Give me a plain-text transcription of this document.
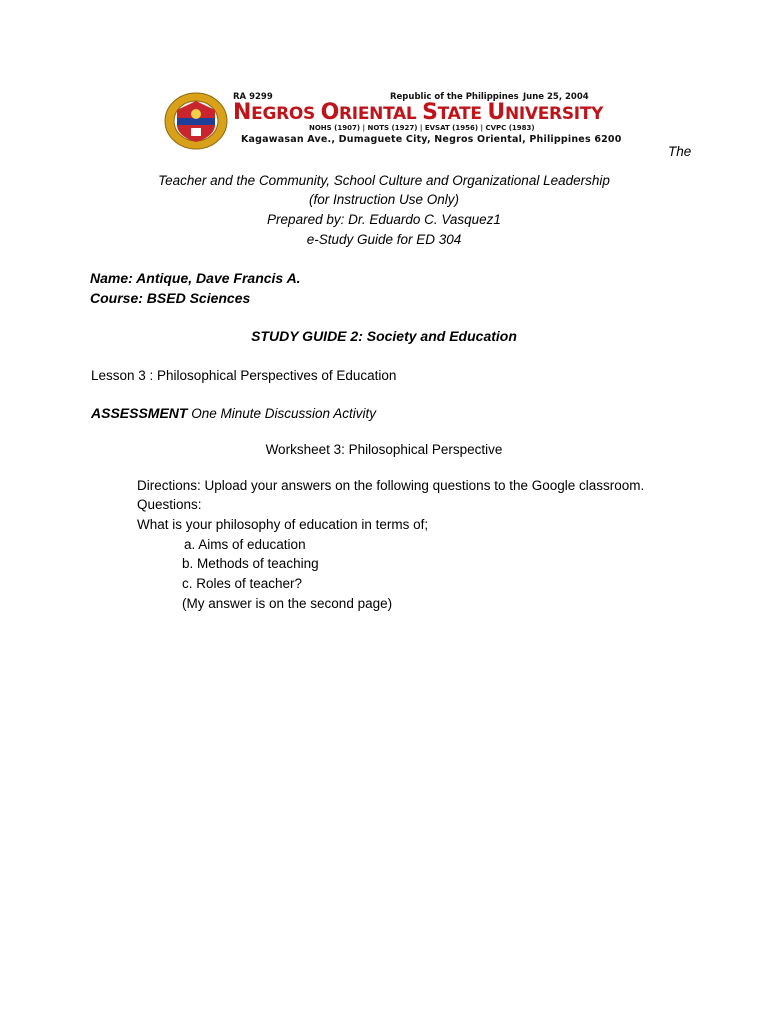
RA 9299	Republic of the Philippines June 25, 2004
NEGROS ORIENTAL STATE UNIVERSITY
NOHS (1907) | NOTS (1927) | EVSAT (1956) | CVPC (1983)
Kagawasan Ave., Dumaguete City, Negros Oriental, Philippines 6200
The
Teacher and the Community, School Culture and Organizational Leadership
(for Instruction Use Only)
Prepared by: Dr. Eduardo C. Vasquez1
e-Study Guide for ED 304
Name: Antique, Dave Francis A.
Course: BSED Sciences
STUDY GUIDE 2: Society and Education
Lesson 3 : Philosophical Perspectives of Education
ASSESSMENT One Minute Discussion Activity
Worksheet 3: Philosophical Perspective
Directions: Upload your answers on the following questions to the Google classroom.
Questions:
What is your philosophy of education in terms of;
a. Aims of education
b. Methods of teaching
c. Roles of teacher?
(My answer is on the second page)
